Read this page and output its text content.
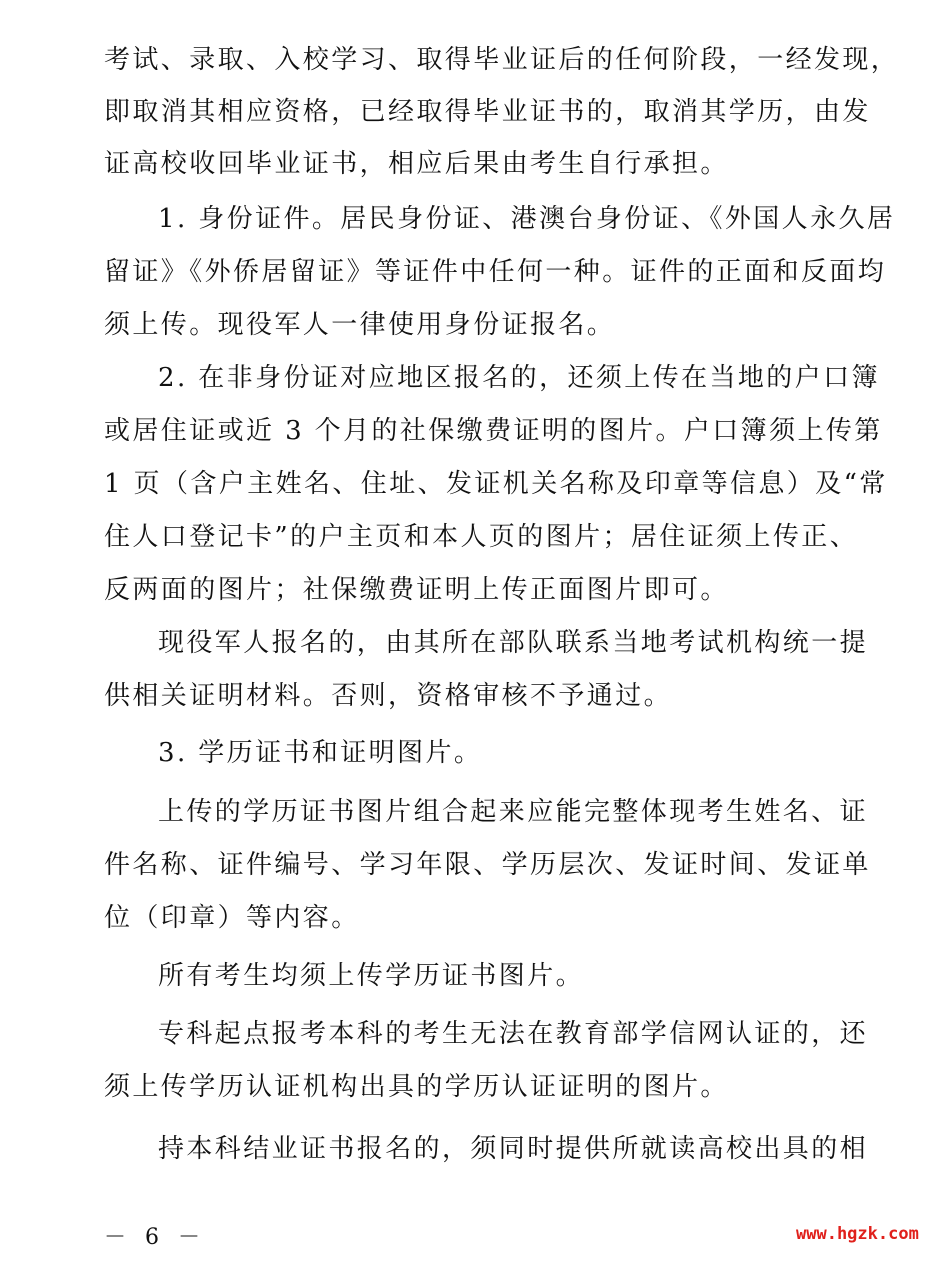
考试、录取、入校学习、取得毕业证后的任何阶段，一经发现，
即取消其相应资格，已经取得毕业证书的，取消其学历，由发
证高校收回毕业证书，相应后果由考生自行承担。
1. 身份证件。居民身份证、港澳台身份证、《外国人永久居
留证》《外侨居留证》等证件中任何一种。证件的正面和反面均
须上传。现役军人一律使用身份证报名。
2. 在非身份证对应地区报名的，还须上传在当地的户口簿
或居住证或近 3 个月的社保缴费证明的图片。户口簿须上传第
1 页（含户主姓名、住址、发证机关名称及印章等信息）及“常
住人口登记卡”的户主页和本人页的图片；居住证须上传正、
反两面的图片；社保缴费证明上传正面图片即可。
现役军人报名的，由其所在部队联系当地考试机构统一提
供相关证明材料。否则，资格审核不予通过。
3. 学历证书和证明图片。
上传的学历证书图片组合起来应能完整体现考生姓名、证
件名称、证件编号、学习年限、学历层次、发证时间、发证单
位（印章）等内容。
所有考生均须上传学历证书图片。
专科起点报考本科的考生无法在教育部学信网认证的，还
须上传学历认证机构出具的学历认证证明的图片。
持本科结业证书报名的，须同时提供所就读高校出具的相
－ 6 －	www.hgzk.com
